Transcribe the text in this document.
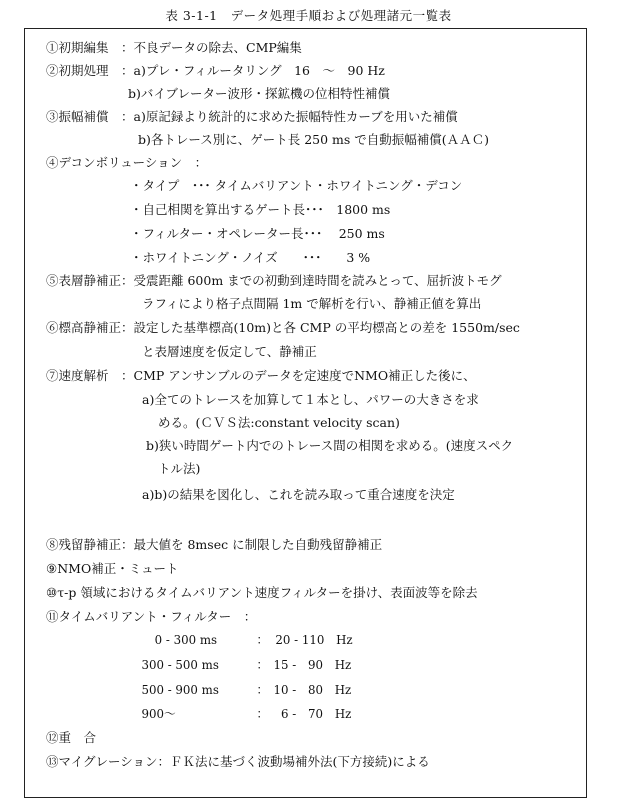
表 3-1-1　データ処理手順および処理諸元一覧表
①初期編集　：不良データの除去、CMP編集
②初期処理　：a)プレ・フィルータリング　16　～　90 Hz
b)バイブレーター波形・探鉱機の位相特性補償
③振幅補償　：a)原記録より統計的に求めた振幅特性カーブを用いた補償
b)各トレース別に、ゲート長 250 ms で自動振幅補償(ＡＡＣ)
④デコンボリューション　：
・タイプ　･･･ タイムバリアント・ホワイトニング・デコン
・自己相関を算出するゲート長･･･　1800 ms
・フィルター・オペレーター長･･･　 250 ms
・ホワイトニング・ノイズ　　･･･　　3 %
⑤表層静補正：受震距離 600m までの初動到達時間を読みとって、屈折波トモグ
ラフィにより格子点間隔 1m で解析を行い、静補正値を算出
⑥標高静補正：設定した基準標高(10m)と各 CMP の平均標高との差を 1550m/sec
と表層速度を仮定して、静補正
⑦速度解析　：CMP アンサンブルのデータを定速度でNMO補正した後に、
a)全てのトレースを加算して１本とし、パワーの大きさを求
める。(ＣＶＳ法:constant velocity scan)
b)狭い時間ゲート内でのトレース間の相関を求める。(速度スペク
トル法)
a)b)の結果を図化し、これを読み取って重合速度を決定
⑧残留静補正：最大値を 8msec に制限した自動残留静補正
⑨NMO補正・ミュート
⑩τ-p 領域におけるタイムバリアント速度フィルターを掛け、表面波等を除去
⑪タイムバリアント・フィルター　：
0 - 300 ms	： 20 - 110　Hz
300 - 500 ms	： 15 -　90　Hz
500 - 900 ms	： 10 -　80　Hz
900～	： 6 -　70　Hz
⑫重　合
⑬マイグレーション：ＦＫ法に基づく波動場補外法(下方接続)による
